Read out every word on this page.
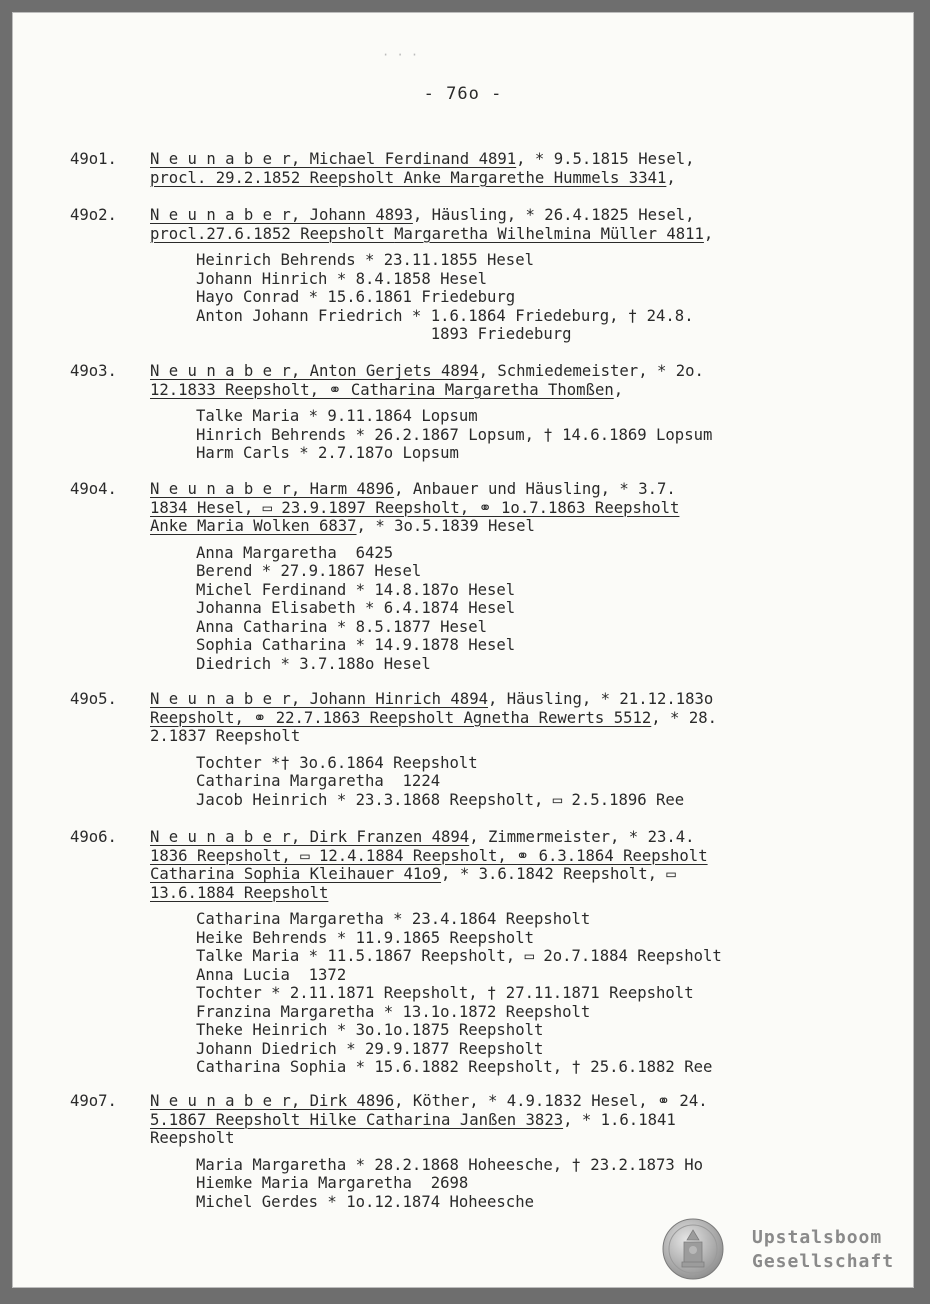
· · ·
- 76o -
49o1. N e u n a b e r, Michael Ferdinand 4891, * 9.5.1815 Hesel,
procl. 29.2.1852 Reepsholt Anke Margarethe Hummels 3341,
49o2. N e u n a b e r, Johann 4893, Häusling, * 26.4.1825 Hesel,
procl.27.6.1852 Reepsholt Margaretha Wilhelmina Müller 4811,
Heinrich Behrends * 23.11.1855 Hesel
Johann Hinrich * 8.4.1858 Hesel
Hayo Conrad * 15.6.1861 Friedeburg
Anton Johann Friedrich * 1.6.1864 Friedeburg, † 24.8.
1893 Friedeburg
49o3. N e u n a b e r, Anton Gerjets 4894, Schmiedemeister, * 2o.
12.1833 Reepsholt, ⚭ Catharina Margaretha Thomßen,
Talke Maria * 9.11.1864 Lopsum
Hinrich Behrends * 26.2.1867 Lopsum, † 14.6.1869 Lopsum
Harm Carls * 2.7.187o Lopsum
49o4. N e u n a b e r, Harm 4896, Anbauer und Häusling, * 3.7.
1834 Hesel, ▭ 23.9.1897 Reepsholt, ⚭ 1o.7.1863 Reepsholt
Anke Maria Wolken 6837, * 3o.5.1839 Hesel
Anna Margaretha  6425
Berend * 27.9.1867 Hesel
Michel Ferdinand * 14.8.187o Hesel
Johanna Elisabeth * 6.4.1874 Hesel
Anna Catharina * 8.5.1877 Hesel
Sophia Catharina * 14.9.1878 Hesel
Diedrich * 3.7.188o Hesel
49o5. N e u n a b e r, Johann Hinrich 4894, Häusling, * 21.12.183o
Reepsholt, ⚭ 22.7.1863 Reepsholt Agnetha Rewerts 5512, * 28.
2.1837 Reepsholt
Tochter *† 3o.6.1864 Reepsholt
Catharina Margaretha  1224
Jacob Heinrich * 23.3.1868 Reepsholt, ▭ 2.5.1896 Ree
49o6. N e u n a b e r, Dirk Franzen 4894, Zimmermeister, * 23.4.
1836 Reepsholt, ▭ 12.4.1884 Reepsholt, ⚭ 6.3.1864 Reepsholt
Catharina Sophia Kleihauer 41o9, * 3.6.1842 Reepsholt, ▭
13.6.1884 Reepsholt
Catharina Margaretha * 23.4.1864 Reepsholt
Heike Behrends * 11.9.1865 Reepsholt
Talke Maria * 11.5.1867 Reepsholt, ▭ 2o.7.1884 Reepsholt
Anna Lucia  1372
Tochter * 2.11.1871 Reepsholt, † 27.11.1871 Reepsholt
Franzina Margaretha * 13.1o.1872 Reepsholt
Theke Heinrich * 3o.1o.1875 Reepsholt
Johann Diedrich * 29.9.1877 Reepsholt
Catharina Sophia * 15.6.1882 Reepsholt, † 25.6.1882 Ree
49o7. N e u n a b e r, Dirk 4896, Köther, * 4.9.1832 Hesel, ⚭ 24.
5.1867 Reepsholt Hilke Catharina Janßen 3823, * 1.6.1841
Reepsholt
Maria Margaretha * 28.2.1868 Hoheesche, † 23.2.1873 Ho
Hiemke Maria Margaretha  2698
Michel Gerdes * 1o.12.1874 Hoheesche
Upstalsboom
Gesellschaft
